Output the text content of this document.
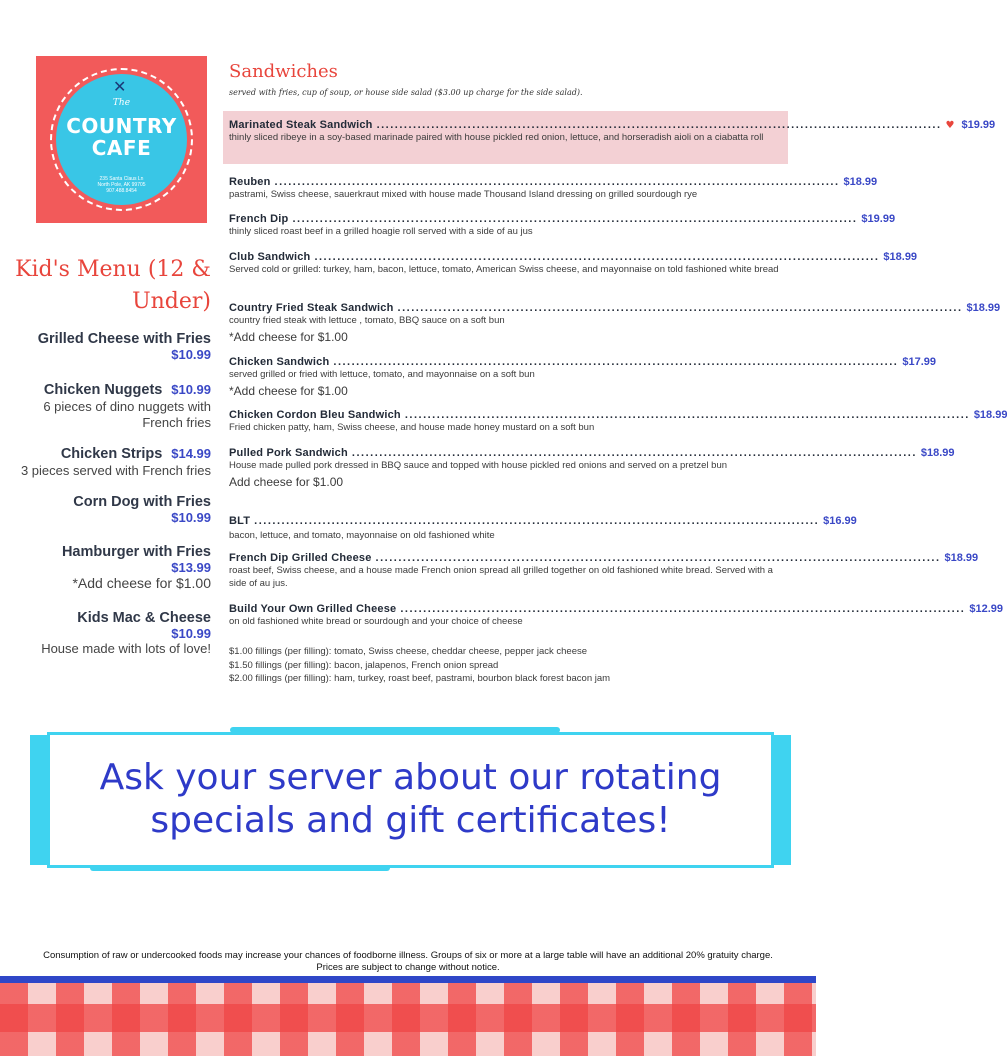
✕
The
COUNTRY
CAFE
235 Santa Claus Ln
North Pole, AK 99705
907.488.8454
Kid's Menu (12 & Under)
Grilled Cheese with Fries
$10.99
Chicken Nuggets $10.99
6 pieces of dino nuggets with French fries
Chicken Strips $14.99
3 pieces served with French fries
Corn Dog with Fries
$10.99
Hamburger with Fries
$13.99
*Add cheese for $1.00
Kids Mac & Cheese
$10.99
House made with lots of love!
Sandwiches
served with fries, cup of soup, or house side salad ($3.00 up charge for the side salad).
Marinated Steak Sandwich ............................................................................................................................ ♥ $19.99
thinly sliced ribeye in a soy-based marinade paired with house pickled red onion, lettuce, and horseradish aioli on a ciabatta roll
Reuben ............................................................................................................................ $18.99
pastrami, Swiss cheese, sauerkraut mixed with house made Thousand Island dressing on grilled sourdough rye
French Dip ............................................................................................................................ $19.99
thinly sliced roast beef in a grilled hoagie roll served with a side of au jus
Club Sandwich ............................................................................................................................ $18.99
Served cold or grilled: turkey, ham, bacon, lettuce, tomato, American Swiss cheese, and mayonnaise on told fashioned white bread
Country Fried Steak Sandwich ............................................................................................................................ $18.99
country fried steak with lettuce , tomato, BBQ sauce on a soft bun
*Add cheese for $1.00
Chicken Sandwich ............................................................................................................................ $17.99
served grilled or fried with lettuce, tomato, and mayonnaise on a soft bun
*Add cheese for $1.00
Chicken Cordon Bleu Sandwich ............................................................................................................................ $18.99
Fried chicken patty, ham, Swiss cheese, and house made honey mustard on a soft bun
Pulled Pork Sandwich ............................................................................................................................ $18.99
House made pulled pork dressed in BBQ sauce and topped with house pickled red onions and served on a pretzel bun
Add cheese for $1.00
BLT ............................................................................................................................ $16.99
bacon, lettuce, and tomato, mayonnaise on old fashioned white
French Dip Grilled Cheese ............................................................................................................................ $18.99
roast beef, Swiss cheese, and a house made French onion spread all grilled together on old fashioned white bread. Served with a side of au jus.
Build Your Own Grilled Cheese ............................................................................................................................ $12.99
on old fashioned white bread or sourdough and your choice of cheese
$1.00 fillings (per filling): tomato, Swiss cheese, cheddar cheese, pepper jack cheese
$1.50 fillings (per filling): bacon, jalapenos, French onion spread
$2.00 fillings (per filling): ham, turkey, roast beef, pastrami, bourbon black forest bacon jam
Ask your server about our rotating specials and gift certificates!
Consumption of raw or undercooked foods may increase your chances of foodborne illness. Groups of six or more at a large table will have an additional 20% gratuity charge.
Prices are subject to change without notice.
